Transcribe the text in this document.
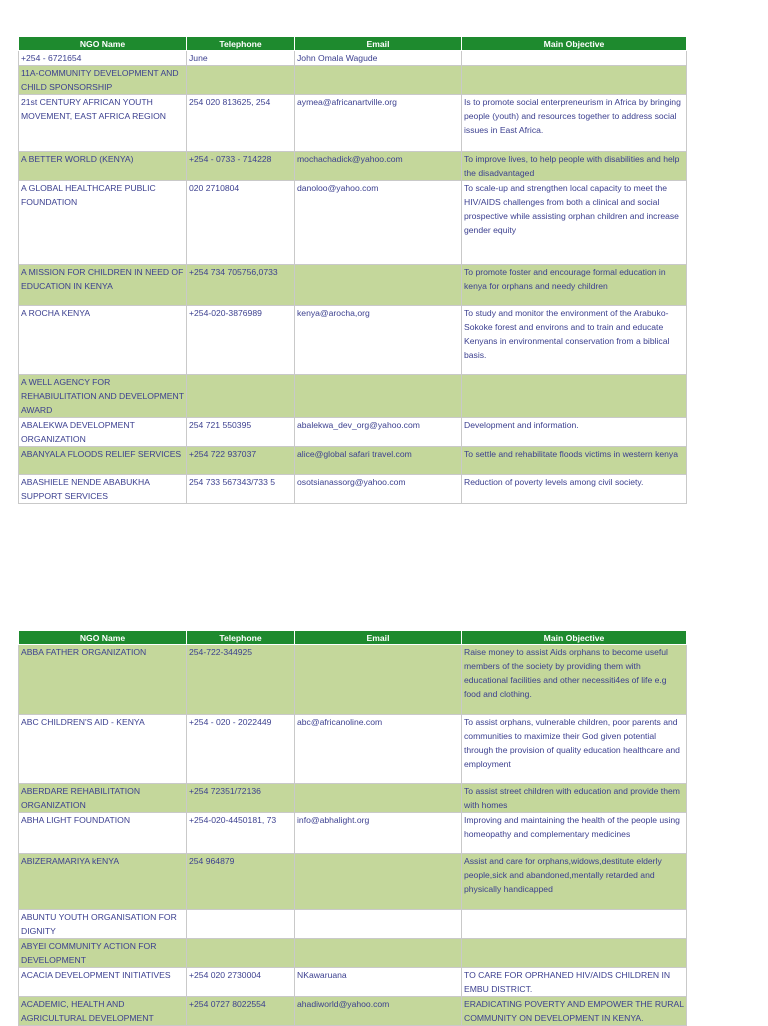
NGO Name	Telephone	Email	Main Objective
+254 - 6721654	June	John Omala Wagude	
11A-COMMUNITY DEVELOPMENT AND CHILD SPONSORSHIP			
21st CENTURY AFRICAN YOUTH MOVEMENT, EAST AFRICA REGION	254 020 813625, 254	aymea@africanartville.org	Is to promote social enterpreneurism in Africa by bringing people (youth) and resources together to address social issues in East Africa.
A BETTER WORLD (KENYA)	+254 - 0733 - 714228	mochachadick@yahoo.com	To improve lives, to help people with disabilities and help the disadvantaged
A GLOBAL HEALTHCARE PUBLIC FOUNDATION	020 2710804	danoloo@yahoo.com	To scale-up and strengthen local capacity to meet the HIV/AIDS challenges from both a clinical and social prospective while assisting orphan children and increase gender equity
A MISSION FOR CHILDREN IN NEED OF EDUCATION IN KENYA	+254 734 705756,0733		To promote foster and encourage formal education in kenya for orphans and needy children
A ROCHA KENYA	+254-020-3876989	kenya@arocha,org	To study and monitor the environment of the Arabuko-Sokoke forest and environs and to train and educate Kenyans in environmental conservation from a biblical basis.
A WELL AGENCY FOR REHABIULITATION AND DEVELOPMENT AWARD			
ABALEKWA DEVELOPMENT ORGANIZATION	254 721 550395	abalekwa_dev_org@yahoo.com	Development and information.
ABANYALA FLOODS RELIEF SERVICES	+254 722 937037	alice@global safari travel.com	To settle and rehabilitate floods victims in western kenya
ABASHIELE NENDE ABABUKHA SUPPORT SERVICES	254 733 567343/733 5	osotsianassorg@yahoo.com	Reduction of poverty levels among civil society.
NGO Name	Telephone	Email	Main Objective
ABBA FATHER ORGANIZATION	254-722-344925		Raise money to assist Aids orphans to become useful members of the society by providing them with educational facilities and other necessiti4es of life e.g food and clothing.
ABC CHILDREN'S AID - KENYA	+254 - 020 - 2022449	abc@africanoline.com	To assist orphans, vulnerable children, poor parents and communities to maximize their God given potential through the provision of quality education healthcare and employment
ABERDARE REHABILITATION ORGANIZATION	+254 72351/72136		To assist street children with education and provide them with homes
ABHA LIGHT FOUNDATION	+254-020-4450181, 73	info@abhalight.org	Improving and maintaining the health of the people using homeopathy and complementary medicines
ABIZERAMARIYA kENYA	254 964879		Assist and care for orphans,widows,destitute elderly people,sick and abandoned,mentally retarded and physically handicapped
ABUNTU YOUTH ORGANISATION FOR DIGNITY			
ABYEI COMMUNITY ACTION FOR DEVELOPMENT			
ACACIA DEVELOPMENT INITIATIVES	+254 020 2730004	NKawaruana	TO CARE FOR OPRHANED HIV/AIDS CHILDREN IN EMBU DISTRICT.
ACADEMIC, HEALTH AND AGRICULTURAL DEVELOPMENT	+254 0727 8022554	ahadiworld@yahoo.com	ERADICATING POVERTY AND EMPOWER THE RURAL COMMUNITY ON DEVELOPMENT IN KENYA.
